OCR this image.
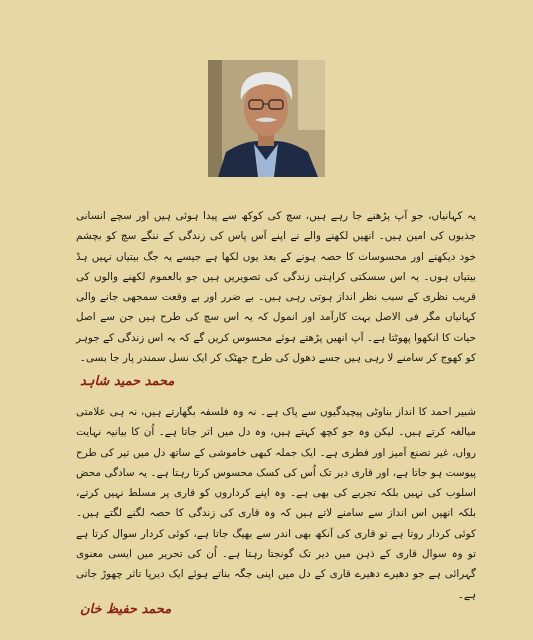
یہ کہانیاں، جو آپ پڑھنے جا رہے ہیں، سچ کی کوکھ سے پیدا ہوئی ہیں اور سچے انسانی جذبوں کی امین ہیں۔ انھیں لکھنے والے نے اپنے آس پاس کی زندگی کے ننگے سچ کو بچشم خود دیکھنے اور محسوسات کا حصہ ہونے کے بعد یوں لکھا ہے جیسے یہ جگ بیتیاں نہیں ہڈ بیتیاں ہوں۔ یہ اس سسکتی کراہتی زندگی کی تصویریں ہیں جو بالعموم لکھنے والوں کی قریب نظری کے سبب نظر انداز ہوتی رہی ہیں۔ بے ضرر اور بے وقعت سمجھی جانے والی کہانیاں مگر فی الاصل بہت کارآمد اور انمول کہ یہ اس سچ کی طرح ہیں جن سے اصل حیات کا انکھوا پھوٹتا ہے۔ آپ انھیں پڑھتے ہوئے محسوس کریں گے کہ یہ اس زندگی کے جوہر کو کھوج کر سامنے لا رہی ہیں جسے دھول کی طرح جھٹک کر ایک نسل سمندر پار جا بسی۔

محمد حمید شاہد

شبیر احمد کا انداز بناوٹی پیچیدگیوں سے پاک ہے۔ نہ وہ فلسفہ بگھارتے ہیں، نہ ہی علامتی مبالغہ کرتے ہیں۔ لیکن وہ جو کچھ کہتے ہیں، وہ دل میں اتر جاتا ہے۔ اُن کا بیانیہ نہایت رواں، غیر تصنع آمیز اور فطری ہے۔ ایک جملہ کبھی خاموشی کے ساتھ دل میں تیر کی طرح پیوست ہو جاتا ہے، اور قاری دیر تک اُس کی کسک محسوس کرتا رہتا ہے۔ یہ سادگی محض اسلوب کی نہیں بلکہ تجربے کی بھی ہے۔ وہ اپنے کرداروں کو قاری پر مسلط نہیں کرتے، بلکہ انھیں اس انداز سے سامنے لاتے ہیں کہ وہ قاری کی زندگی کا حصہ لگنے لگتے ہیں۔ کوئی کردار روتا ہے تو قاری کی آنکھ بھی اندر سے بھیگ جاتا ہے، کوئی کردار سوال کرتا ہے تو وہ سوال قاری کے ذہن میں دیر تک گونجتا رہتا ہے۔ اُن کی تحریر میں ایسی معنوی گہرائی ہے جو دھیرے دھیرے قاری کے دل میں اپنی جگہ بناتے ہوئے ایک دیرپا تاثر چھوڑ جاتی ہے۔

محمد حفیظ خان
